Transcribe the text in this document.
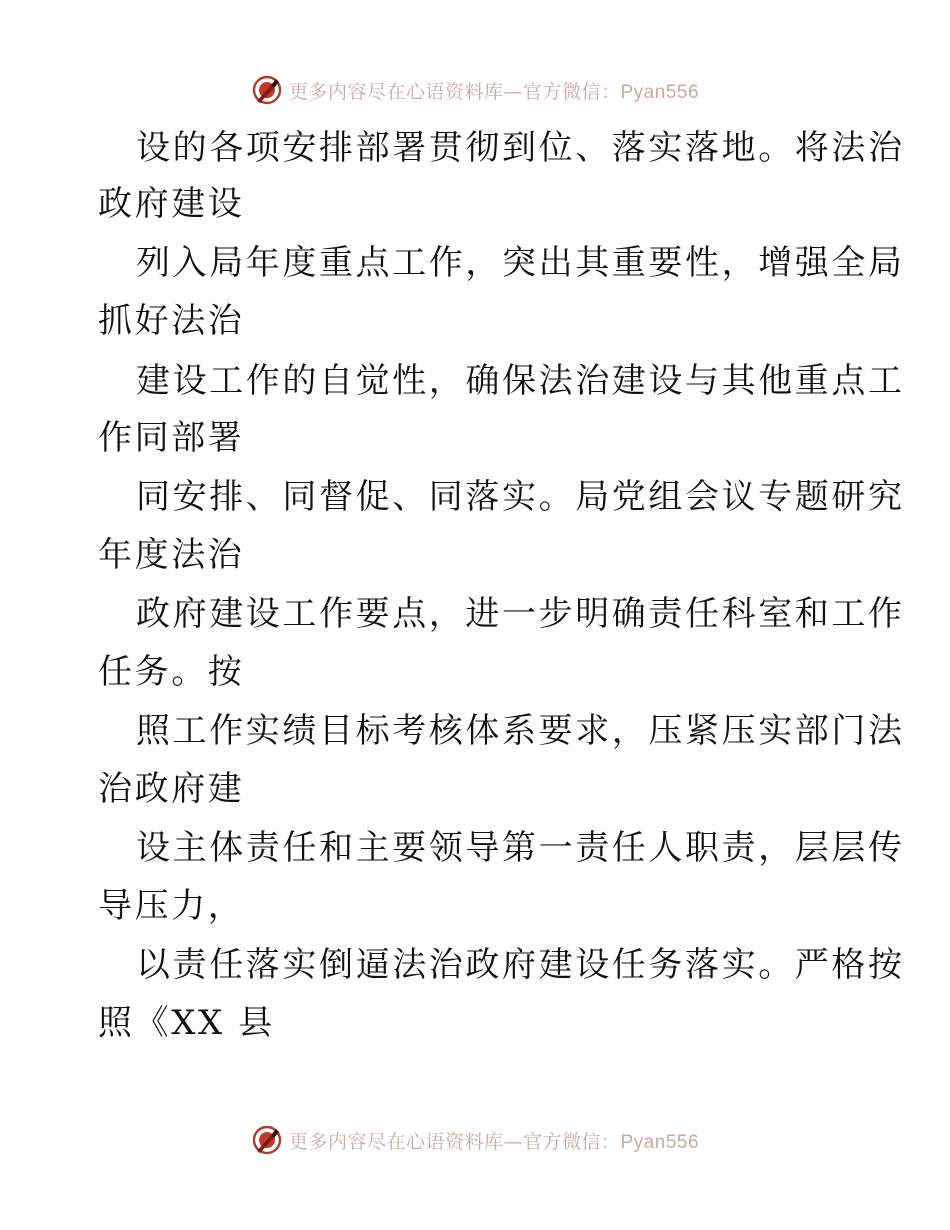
更多内容尽在心语资料库—官方微信：Pyan556
设的各项安排部署贯彻到位、落实落地。将法治
政府建设
列入局年度重点工作，突出其重要性，增强全局
抓好法治
建设工作的自觉性，确保法治建设与其他重点工
作同部署
同安排、同督促、同落实。局党组会议专题研究
年度法治
政府建设工作要点，进一步明确责任科室和工作
任务。按
照工作实绩目标考核体系要求，压紧压实部门法
治政府建
设主体责任和主要领导第一责任人职责，层层传
导压力，
以责任落实倒逼法治政府建设任务落实。严格按
照《XX 县
更多内容尽在心语资料库—官方微信：Pyan556
